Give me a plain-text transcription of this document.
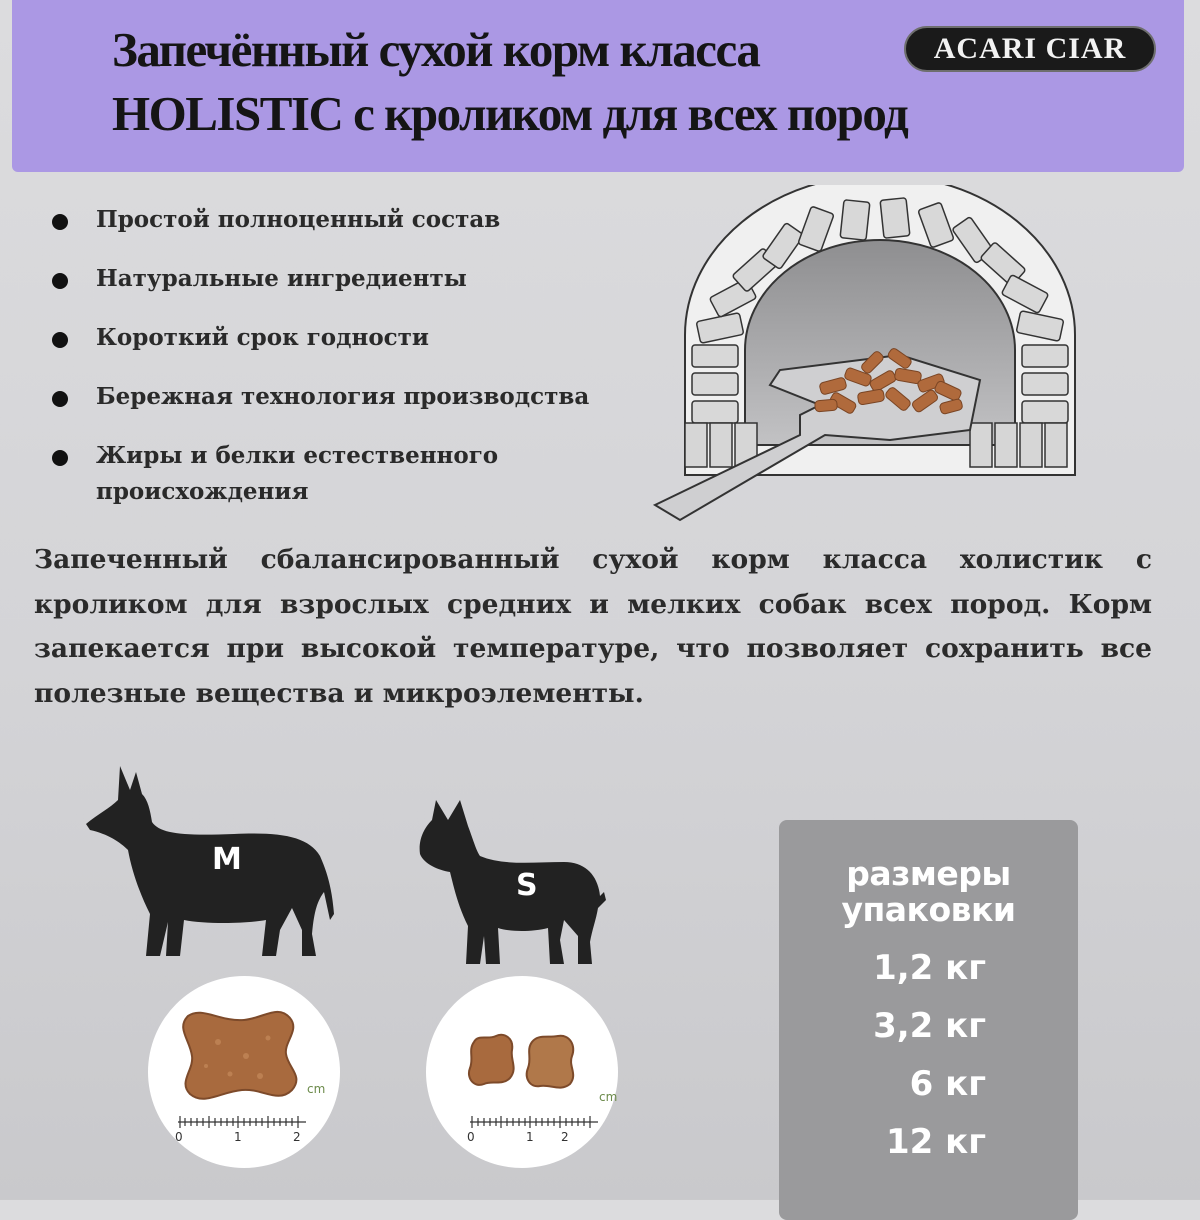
Запечённый сухой корм класса
HOLISTIC с кроликом для всех пород
ACARI CIAR
Простой полноценный состав
Натуральные ингредиенты
Короткий срок годности
Бережная технология производства
Жиры и белки естественного происхождения

Запеченный сбалансированный сухой корм класса холистик с кроликом для взрослых средних и мелких собак всех пород. Корм запекается при высокой температуре, что позволяет сохранить все полезные вещества и микроэлементы.

M
S
cm
0	1	2
cm
0	1 2
размеры
упаковки
1,2 кг
3,2 кг
6 кг
12 кг
